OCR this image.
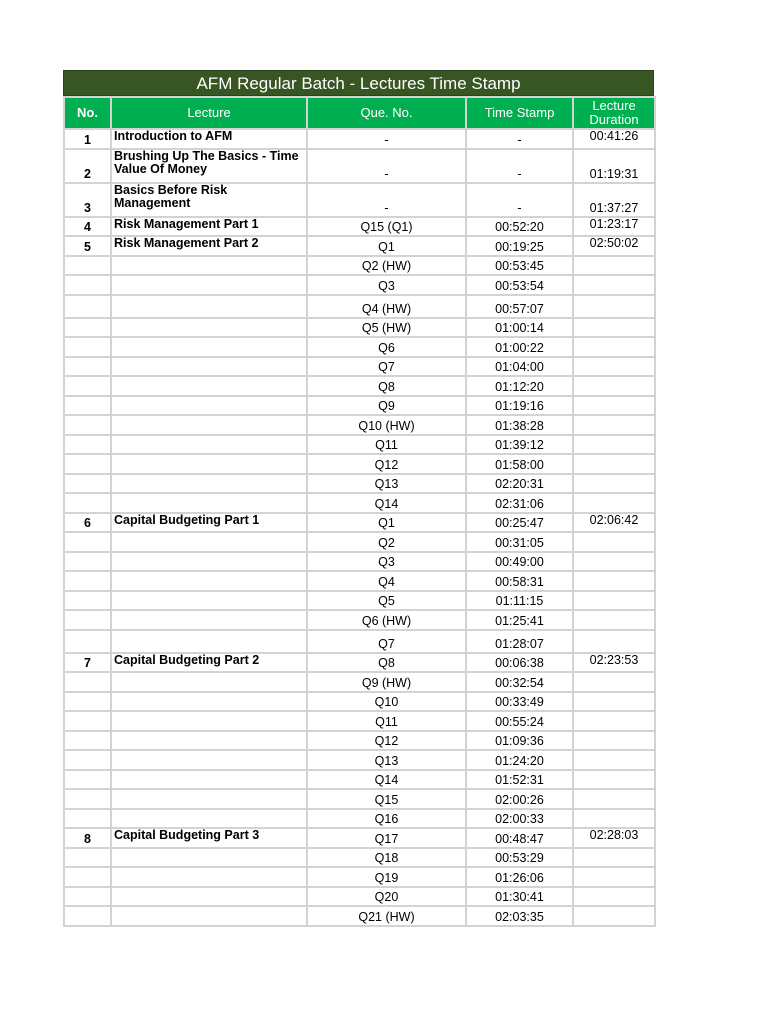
AFM Regular Batch - Lectures Time Stamp
No.	Lecture	Que. No.	Time Stamp	Lecture Duration
1	Introduction to AFM	-	-	00:41:26
2	Brushing Up The Basics - Time Value Of Money	-	-	01:19:31
3	Basics Before Risk Management	-	-	01:37:27
4	Risk Management Part 1	Q15 (Q1)	00:52:20	01:23:17
5	Risk Management Part 2	Q1	00:19:25	02:50:02
		Q2 (HW)	00:53:45	
		Q3	00:53:54	
		Q4 (HW)	00:57:07	
		Q5 (HW)	01:00:14	
		Q6	01:00:22	
		Q7	01:04:00	
		Q8	01:12:20	
		Q9	01:19:16	
		Q10 (HW)	01:38:28	
		Q11	01:39:12	
		Q12	01:58:00	
		Q13	02:20:31	
		Q14	02:31:06	
6	Capital Budgeting Part 1	Q1	00:25:47	02:06:42
		Q2	00:31:05	
		Q3	00:49:00	
		Q4	00:58:31	
		Q5	01:11:15	
		Q6 (HW)	01:25:41	
		Q7	01:28:07	
7	Capital Budgeting Part 2	Q8	00:06:38	02:23:53
		Q9 (HW)	00:32:54	
		Q10	00:33:49	
		Q11	00:55:24	
		Q12	01:09:36	
		Q13	01:24:20	
		Q14	01:52:31	
		Q15	02:00:26	
		Q16	02:00:33	
8	Capital Budgeting Part 3	Q17	00:48:47	02:28:03
		Q18	00:53:29	
		Q19	01:26:06	
		Q20	01:30:41	
		Q21 (HW)	02:03:35	
